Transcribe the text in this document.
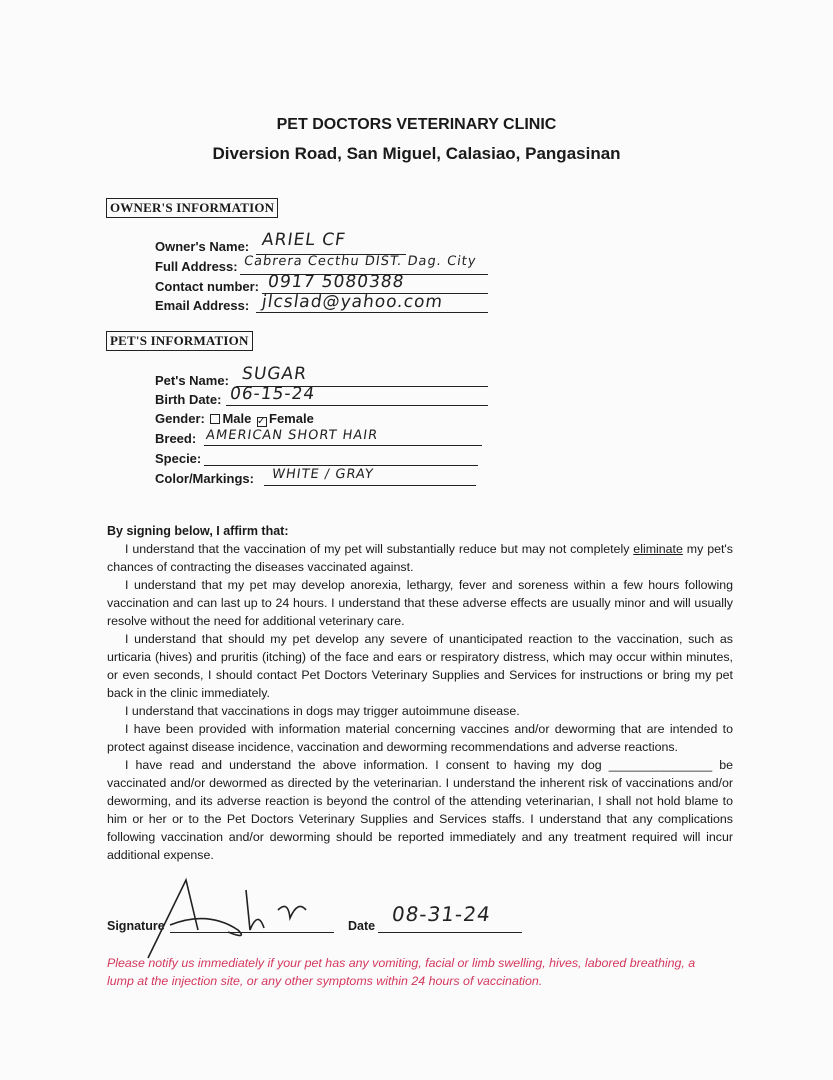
PET DOCTORS VETERINARY CLINIC
Diversion Road, San Miguel, Calasiao, Pangasinan
OWNER'S INFORMATION
Owner's Name: ARIEL CF
Full Address: Cabrera Cecthu DIST. Dag. City
Contact number: 0917 5080388
Email Address: jlcslad@yahoo.com
PET'S INFORMATION
Pet's Name: SUGAR
Birth Date: 06-15-24
Gender: Male ✓ Female
Breed: AMERICAN SHORT HAIR
Specie:
Color/Markings: WHITE / GRAY
By signing below, I affirm that:
I understand that the vaccination of my pet will substantially reduce but may not completely eliminate my pet's chances of contracting the diseases vaccinated against.
I understand that my pet may develop anorexia, lethargy, fever and soreness within a few hours following vaccination and can last up to 24 hours. I understand that these adverse effects are usually minor and will usually resolve without the need for additional veterinary care.
I understand that should my pet develop any severe of unanticipated reaction to the vaccination, such as urticaria (hives) and pruritis (itching) of the face and ears or respiratory distress, which may occur within minutes, or even seconds, I should contact Pet Doctors Veterinary Supplies and Services for instructions or bring my pet back in the clinic immediately.
I understand that vaccinations in dogs may trigger autoimmune disease.
I have been provided with information material concerning vaccines and/or deworming that are intended to protect against disease incidence, vaccination and deworming recommendations and adverse reactions.
I have read and understand the above information. I consent to having my dog _______________ be vaccinated and/or dewormed as directed by the veterinarian. I understand the inherent risk of vaccinations and/or deworming, and its adverse reaction is beyond the control of the attending veterinarian, I shall not hold blame to him or her or to the Pet Doctors Veterinary Supplies and Services staffs. I understand that any complications following vaccination and/or deworming should be reported immediately and any treatment required will incur additional expense.
Signature	Date 08-31-24
Please notify us immediately if your pet has any vomiting, facial or limb swelling, hives, labored breathing, a lump at the injection site, or any other symptoms within 24 hours of vaccination.
